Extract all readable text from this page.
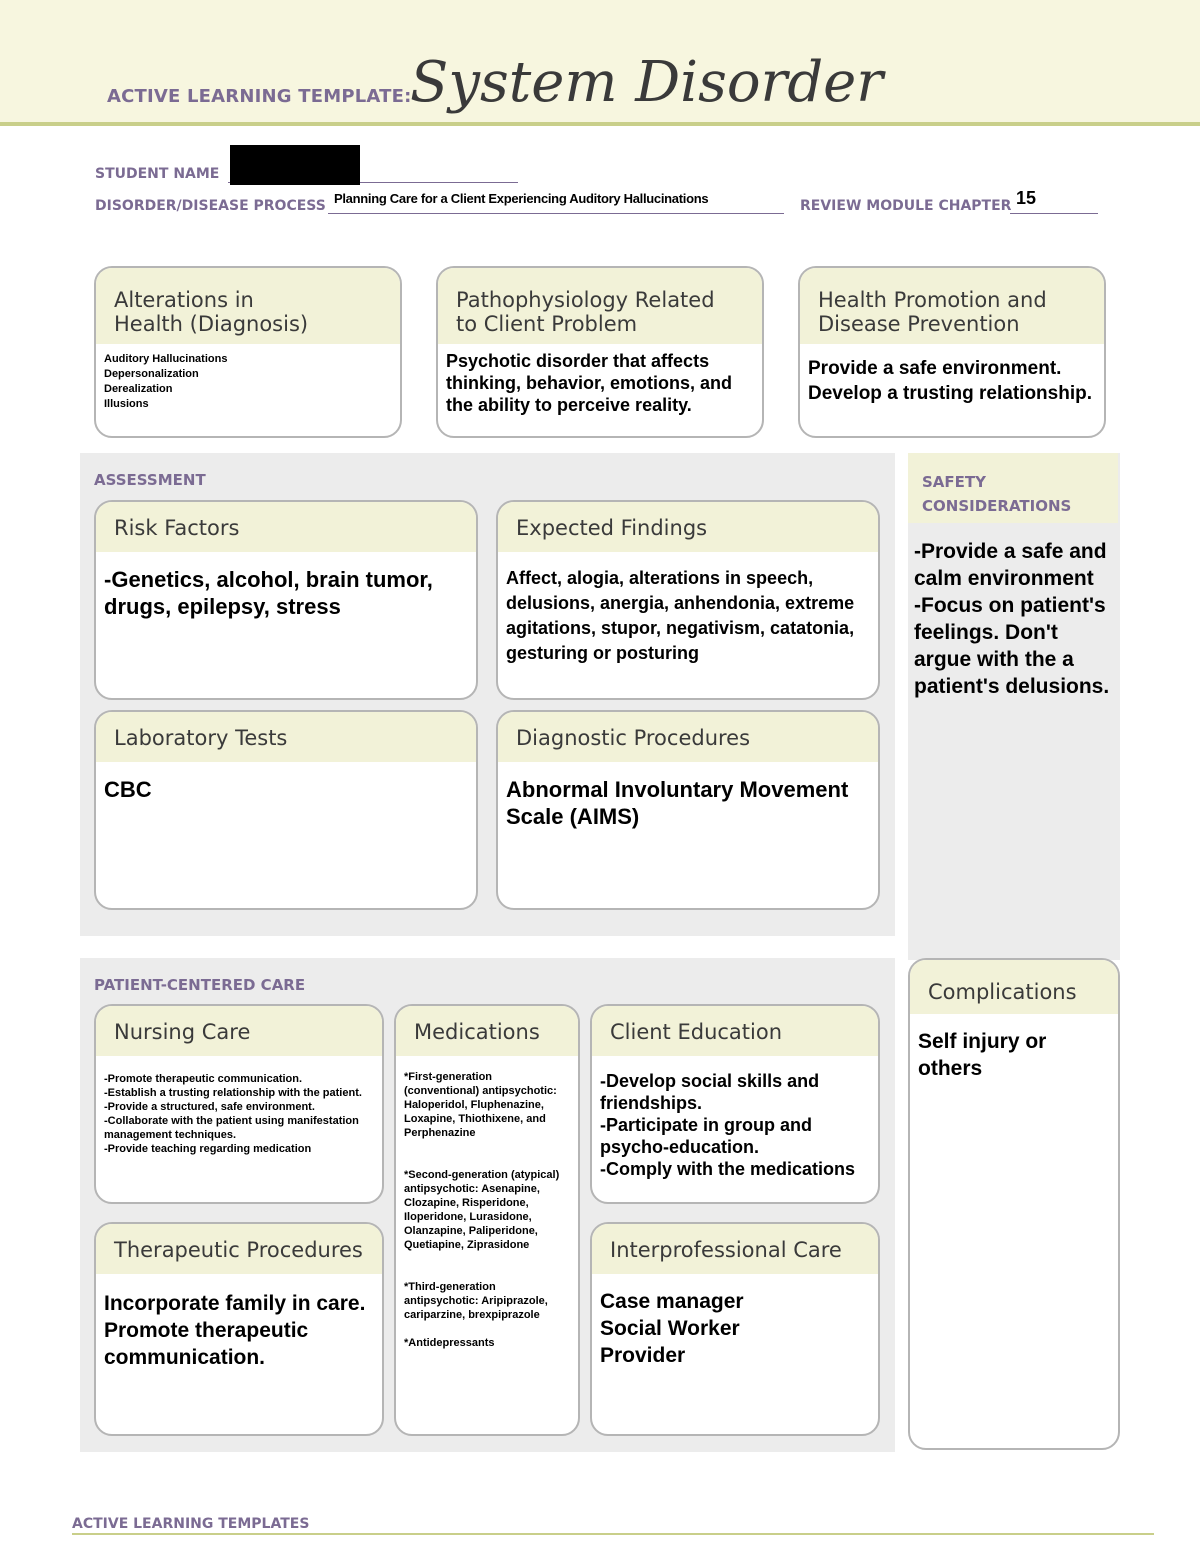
ACTIVE LEARNING TEMPLATE:
System Disorder
STUDENT NAME
DISORDER/DISEASE PROCESS Planning Care for a Client Experiencing Auditory Hallucinations	REVIEW MODULE CHAPTER 15
Alterations in
Health (Diagnosis)
Auditory Hallucinations
Depersonalization
Derealization
Illusions
Pathophysiology Related
to Client Problem
Psychotic disorder that affects thinking, behavior, emotions, and the ability to perceive reality.
Health Promotion and
Disease Prevention
Provide a safe environment.
Develop a trusting relationship.
ASSESSMENT
Risk Factors
-Genetics, alcohol, brain tumor, drugs, epilepsy, stress
Expected Findings
Affect, alogia, alterations in speech, delusions, anergia, anhendonia, extreme agitations, stupor, negativism, catatonia, gesturing or posturing
Laboratory Tests
CBC
Diagnostic Procedures
Abnormal Involuntary Movement Scale (AIMS)
SAFETY
CONSIDERATIONS
-Provide a safe and calm environment
-Focus on patient's feelings. Don't argue with the a patient's delusions.
PATIENT-CENTERED CARE
Nursing Care
-Promote therapeutic communication.
-Establish a trusting relationship with the patient.
-Provide a structured, safe environment.
-Collaborate with the patient using manifestation management techniques.
-Provide teaching regarding medication
Medications
*First-generation (conventional) antipsychotic: Haloperidol, Fluphenazine, Loxapine, Thiothixene, and Perphenazine

*Second-generation (atypical) antipsychotic: Asenapine, Clozapine, Risperidone, Iloperidone, Lurasidone, Olanzapine, Paliperidone, Quetiapine, Ziprasidone

*Third-generation antipsychotic: Aripiprazole, cariparzine, brexpiprazole

*Antidepressants
Client Education
-Develop social skills and friendships.
-Participate in group and psycho-education.
-Comply with the medications
Therapeutic Procedures
Incorporate family in care.
Promote therapeutic communication.
Interprofessional Care
Case manager
Social Worker
Provider
Complications
Self injury or others
ACTIVE LEARNING TEMPLATES
